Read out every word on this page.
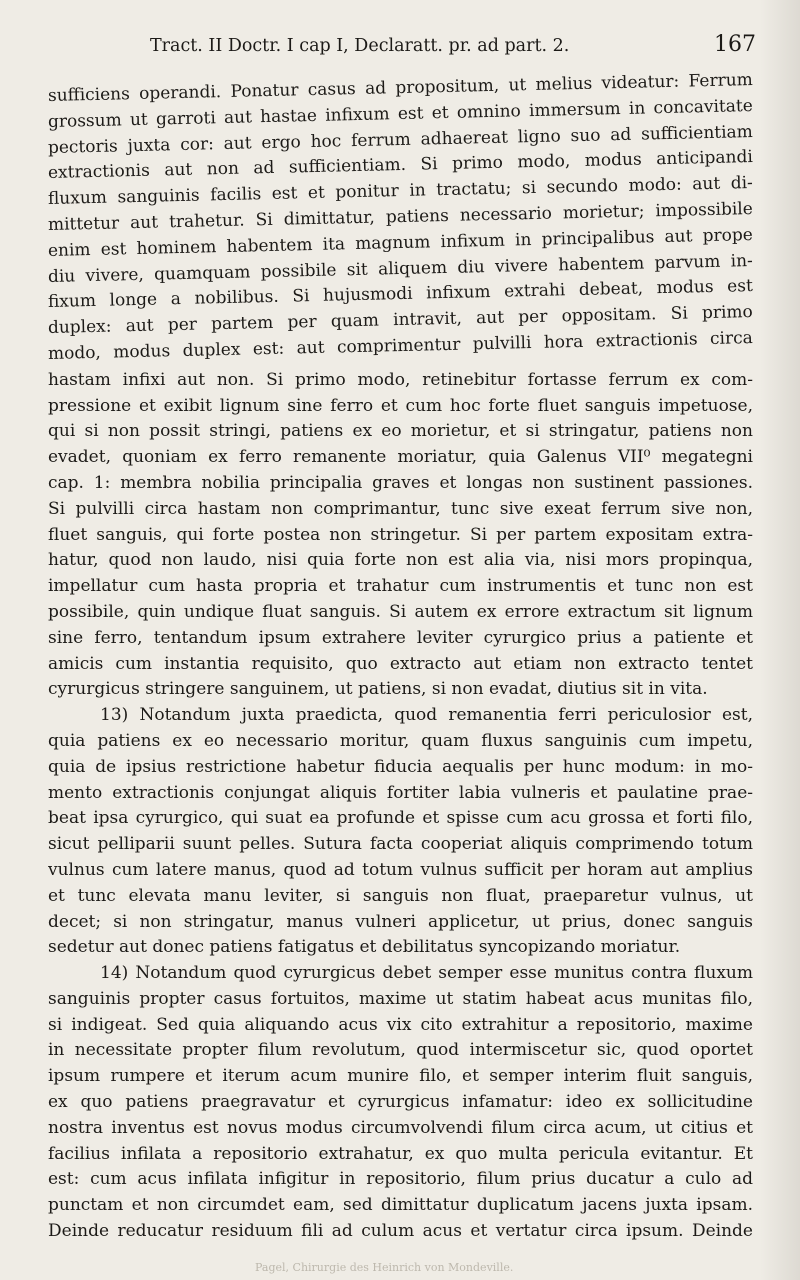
Tract. II Doctr. I cap I, Declaratt. pr. ad part. 2.	167
sufficiens operandi. Ponatur casus ad propositum, ut melius videatur: Ferrum
grossum ut garroti aut hastae infixum est et omnino immersum in concavitate
pectoris juxta cor: aut ergo hoc ferrum adhaereat ligno suo ad sufficientiam
extractionis aut non ad sufficientiam. Si primo modo, modus anticipandi
fluxum sanguinis facilis est et ponitur in tractatu; si secundo modo: aut di-
mittetur aut trahetur. Si dimittatur, patiens necessario morietur; impossibile
enim est hominem habentem ita magnum infixum in principalibus aut prope
diu vivere, quamquam possibile sit aliquem diu vivere habentem parvum in-
fixum longe a nobilibus. Si hujusmodi infixum extrahi debeat, modus est
duplex: aut per partem per quam intravit, aut per oppositam. Si primo
modo, modus duplex est: aut comprimentur pulvilli hora extractionis circa
hastam infixi aut non. Si primo modo, retinebitur fortasse ferrum ex com-
pressione et exibit lignum sine ferro et cum hoc forte fluet sanguis impetuose,
qui si non possit stringi, patiens ex eo morietur, et si stringatur, patiens non
evadet, quoniam ex ferro remanente moriatur, quia Galenus VII⁰ megategni
cap. 1: membra nobilia principalia graves et longas non sustinent passiones.
Si pulvilli circa hastam non comprimantur, tunc sive exeat ferrum sive non,
fluet sanguis, qui forte postea non stringetur. Si per partem expositam extra-
hatur, quod non laudo, nisi quia forte non est alia via, nisi mors propinqua,
impellatur cum hasta propria et trahatur cum instrumentis et tunc non est
possibile, quin undique fluat sanguis. Si autem ex errore extractum sit lignum
sine ferro, tentandum ipsum extrahere leviter cyrurgico prius a patiente et
amicis cum instantia requisito, quo extracto aut etiam non extracto tentet
cyrurgicus stringere sanguinem, ut patiens, si non evadat, diutius sit in vita.
13) Notandum juxta praedicta, quod remanentia ferri periculosior est,
quia patiens ex eo necessario moritur, quam fluxus sanguinis cum impetu,
quia de ipsius restrictione habetur fiducia aequalis per hunc modum: in mo-
mento extractionis conjungat aliquis fortiter labia vulneris et paulatine prae-
beat ipsa cyrurgico, qui suat ea profunde et spisse cum acu grossa et forti filo,
sicut pelliparii suunt pelles. Sutura facta cooperiat aliquis comprimendo totum
vulnus cum latere manus, quod ad totum vulnus sufficit per horam aut amplius
et tunc elevata manu leviter, si sanguis non fluat, praeparetur vulnus, ut
decet; si non stringatur, manus vulneri applicetur, ut prius, donec sanguis
sedetur aut donec patiens fatigatus et debilitatus syncopizando moriatur.
14) Notandum quod cyrurgicus debet semper esse munitus contra fluxum
sanguinis propter casus fortuitos, maxime ut statim habeat acus munitas filo,
si indigeat. Sed quia aliquando acus vix cito extrahitur a repositorio, maxime
in necessitate propter filum revolutum, quod intermiscetur sic, quod oportet
ipsum rumpere et iterum acum munire filo, et semper interim fluit sanguis,
ex quo patiens praegravatur et cyrurgicus infamatur: ideo ex sollicitudine
nostra inventus est novus modus circumvolvendi filum circa acum, ut citius et
facilius infilata a repositorio extrahatur, ex quo multa pericula evitantur. Et
est: cum acus infilata infigitur in repositorio, filum prius ducatur a culo ad
punctam et non circumdet eam, sed dimittatur duplicatum jacens juxta ipsam.
Deinde reducatur residuum fili ad culum acus et vertatur circa ipsum. Deinde
Pagel, Chirurgie des Heinrich von Mondeville.
